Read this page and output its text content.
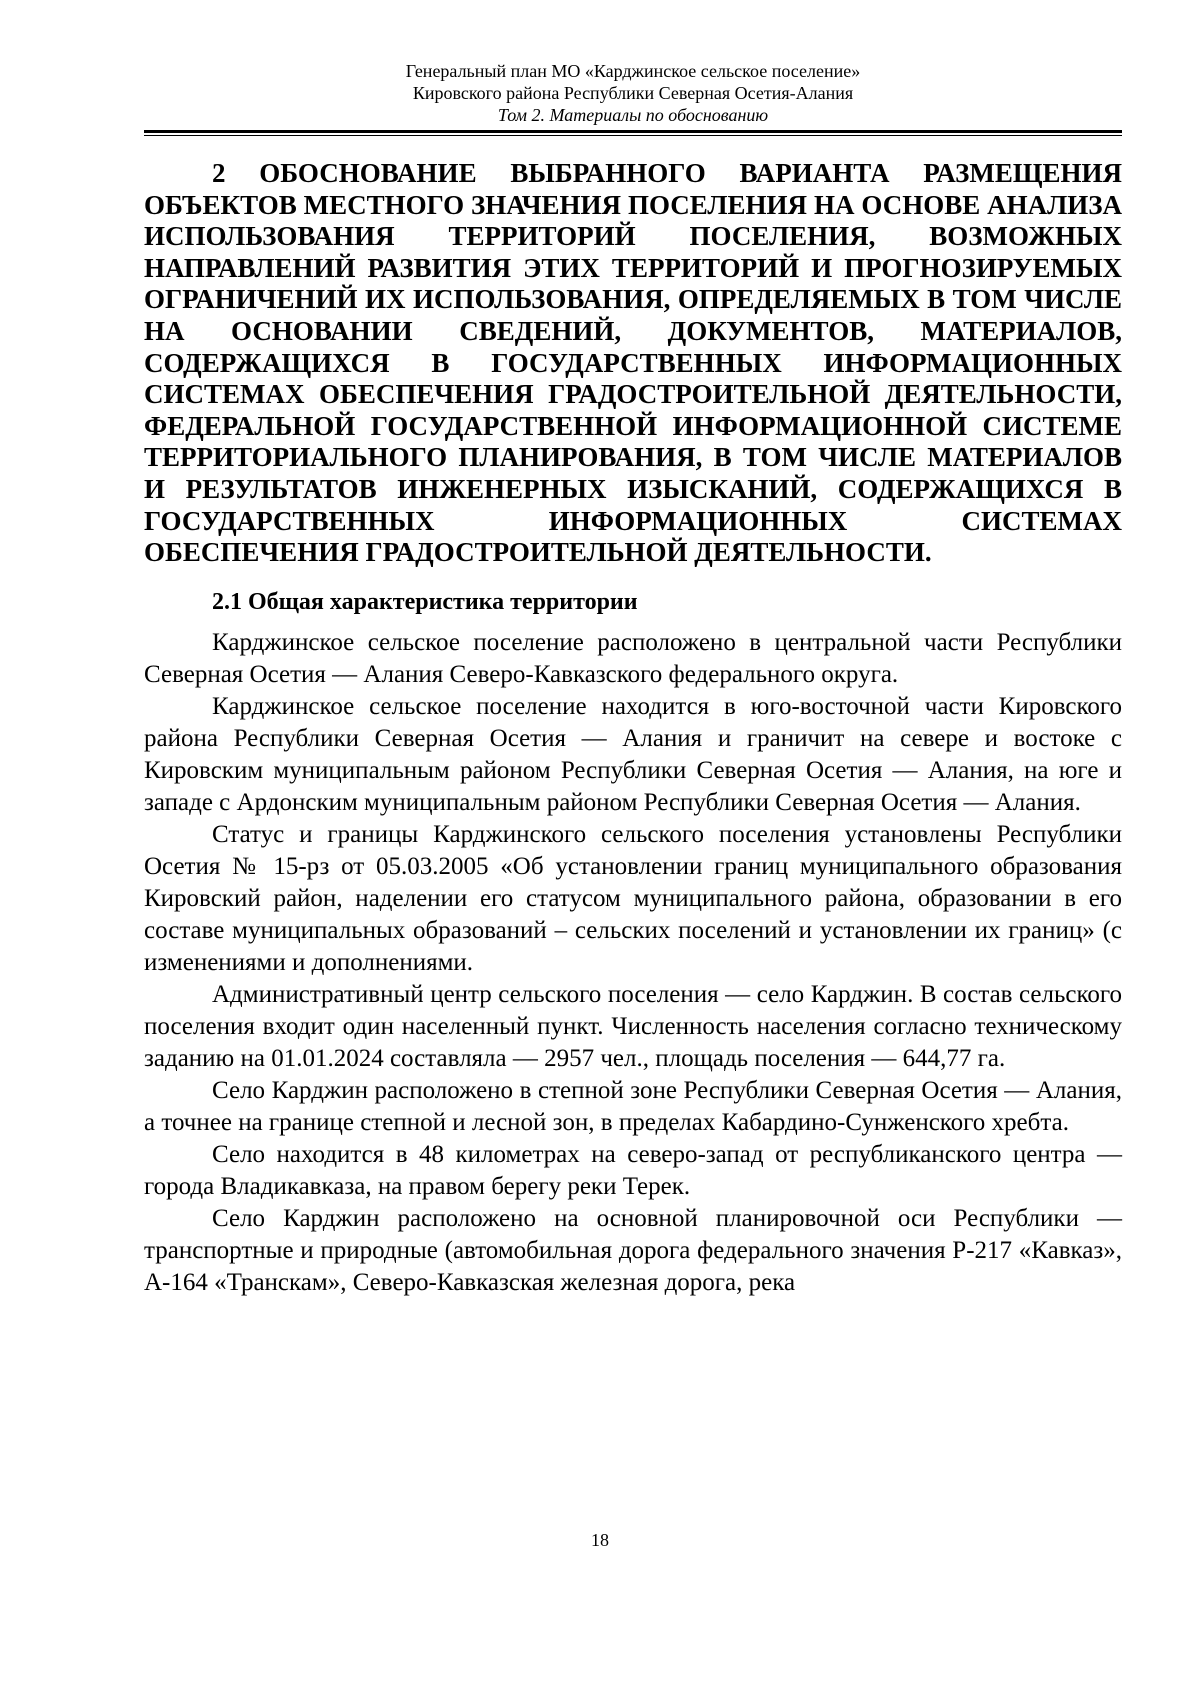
Генеральный план МО «Карджинское сельское поселение»
Кировского района Республики Северная Осетия-Алания
Том 2. Материалы по обоснованию
2 ОБОСНОВАНИЕ ВЫБРАННОГО ВАРИАНТА РАЗМЕЩЕНИЯ ОБЪЕКТОВ МЕСТНОГО ЗНАЧЕНИЯ ПОСЕЛЕНИЯ НА ОСНОВЕ АНАЛИЗА ИСПОЛЬЗОВАНИЯ ТЕРРИТОРИЙ ПОСЕЛЕНИЯ, ВОЗМОЖНЫХ НАПРАВЛЕНИЙ РАЗВИТИЯ ЭТИХ ТЕРРИТОРИЙ И ПРОГНОЗИРУЕМЫХ ОГРАНИЧЕНИЙ ИХ ИСПОЛЬЗОВАНИЯ, ОПРЕДЕЛЯЕМЫХ В ТОМ ЧИСЛЕ НА ОСНОВАНИИ СВЕДЕНИЙ, ДОКУМЕНТОВ, МАТЕРИАЛОВ, СОДЕРЖАЩИХСЯ В ГОСУДАРСТВЕННЫХ ИНФОРМАЦИОННЫХ СИСТЕМАХ ОБЕСПЕЧЕНИЯ ГРАДОСТРОИТЕЛЬНОЙ ДЕЯТЕЛЬНОСТИ, ФЕДЕРАЛЬНОЙ ГОСУДАРСТВЕННОЙ ИНФОРМАЦИОННОЙ СИСТЕМЕ ТЕРРИТОРИАЛЬНОГО ПЛАНИРОВАНИЯ, В ТОМ ЧИСЛЕ МАТЕРИАЛОВ И РЕЗУЛЬТАТОВ ИНЖЕНЕРНЫХ ИЗЫСКАНИЙ, СОДЕРЖАЩИХСЯ В ГОСУДАРСТВЕННЫХ ИНФОРМАЦИОННЫХ СИСТЕМАХ ОБЕСПЕЧЕНИЯ ГРАДОСТРОИТЕЛЬНОЙ ДЕЯТЕЛЬНОСТИ.
2.1 Общая характеристика территории

Карджинское сельское поселение расположено в центральной части Республики Северная Осетия — Алания Северо-Кавказского федерального округа.

Карджинское сельское поселение находится в юго-восточной части Кировского района Республики Северная Осетия — Алания и граничит на севере и востоке с Кировским муниципальным районом Республики Северная Осетия — Алания, на юге и западе с Ардонским муниципальным районом Республики Северная Осетия — Алания.

Статус и границы Карджинского сельского поселения установлены Республики Осетия № 15-рз от 05.03.2005 «Об установлении границ муниципального образования Кировский район, наделении его статусом муниципального района, образовании в его составе муниципальных образований – сельских поселений и установлении их границ» (с изменениями и дополнениями.

Административный центр сельского поселения — село Карджин. В состав сельского поселения входит один населенный пункт. Численность населения согласно техническому заданию на 01.01.2024 составляла — 2957 чел., площадь поселения — 644,77 га.

Село Карджин расположено в степной зоне Республики Северная Осетия — Алания, а точнее на границе степной и лесной зон, в пределах Кабардино-Сунженского хребта.

Село находится в 48 километрах на северо-запад от республиканского центра — города Владикавказа, на правом берегу реки Терек.

Село Карджин расположено на основной планировочной оси Республики — транспортные и природные (автомобильная дорога федерального значения Р-217 «Кавказ», А-164 «Транскам», Северо-Кавказская железная дорога, река

18
